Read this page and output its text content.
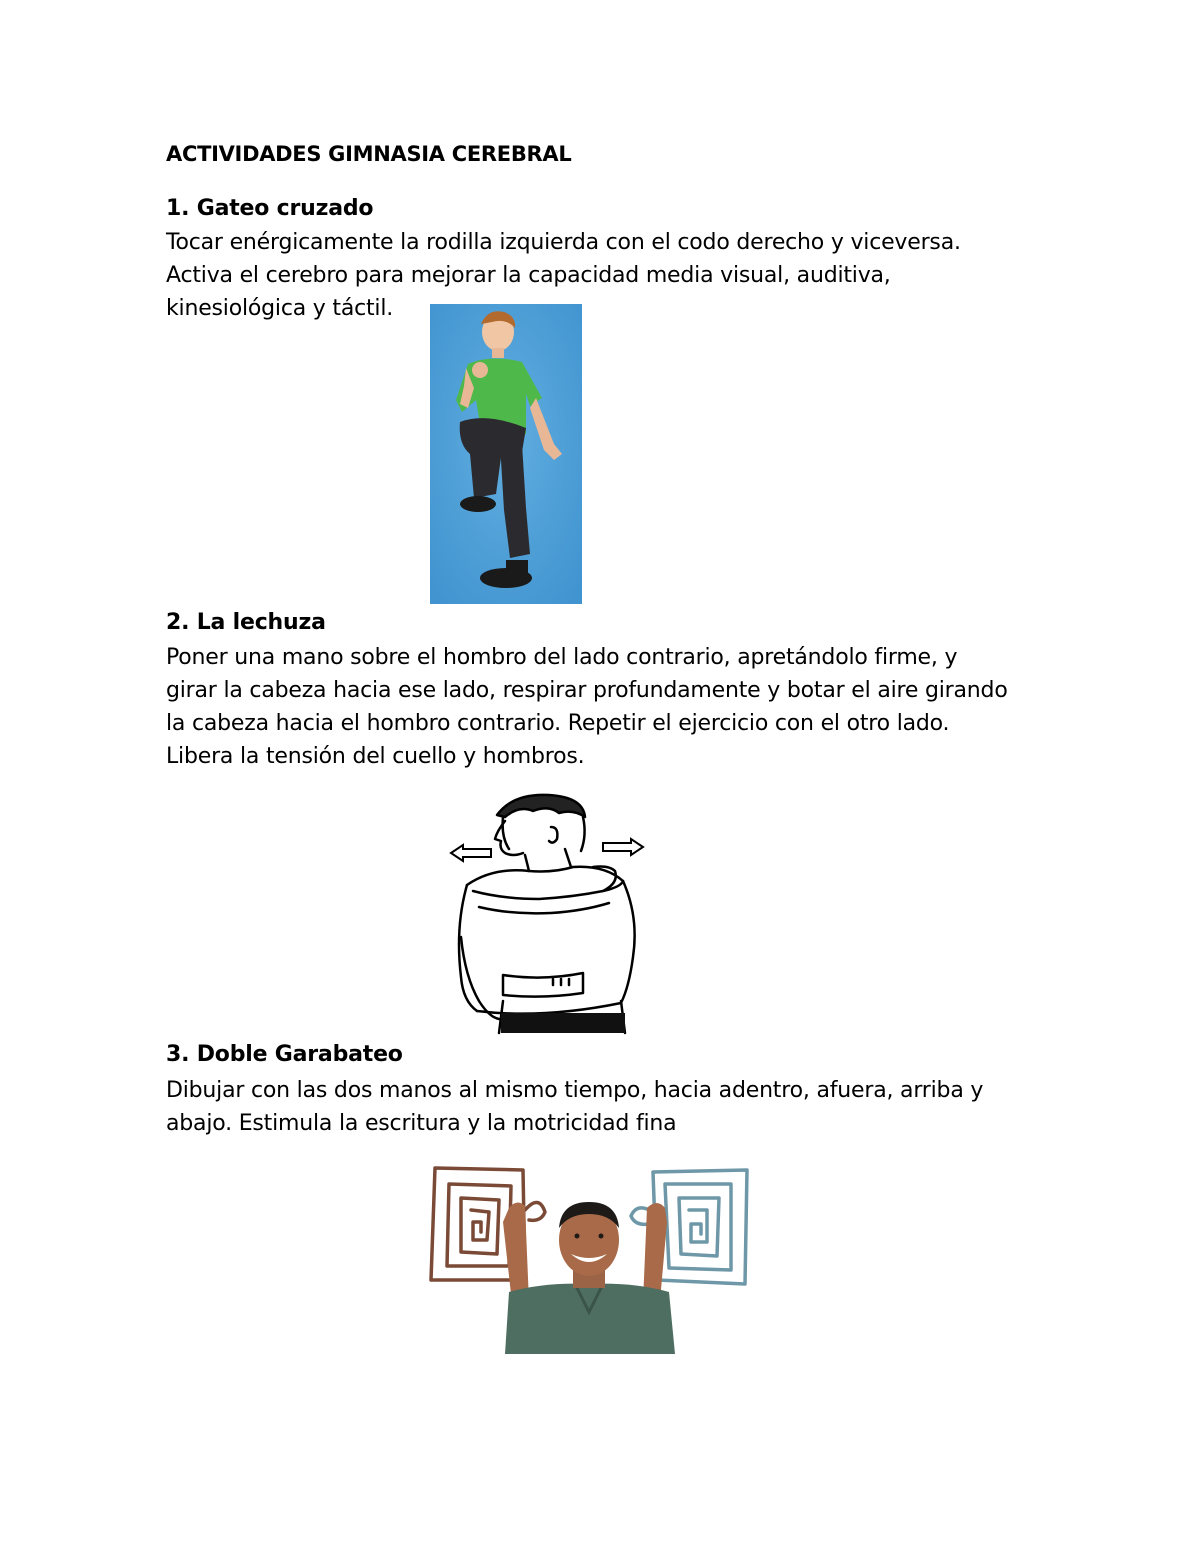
ACTIVIDADES GIMNASIA CEREBRAL
1. Gateo cruzado
Tocar enérgicamente la rodilla izquierda con el codo derecho y viceversa.
Activa el cerebro para mejorar la capacidad media visual, auditiva,
kinesiológica y táctil.
2. La lechuza
Poner una mano sobre el hombro del lado contrario, apretándolo firme, y
girar la cabeza hacia ese lado, respirar profundamente y botar el aire girando
la cabeza hacia el hombro contrario. Repetir el ejercicio con el otro lado.
Libera la tensión del cuello y hombros.
3. Doble Garabateo
Dibujar con las dos manos al mismo tiempo, hacia adentro, afuera, arriba y
abajo. Estimula la escritura y la motricidad fina
